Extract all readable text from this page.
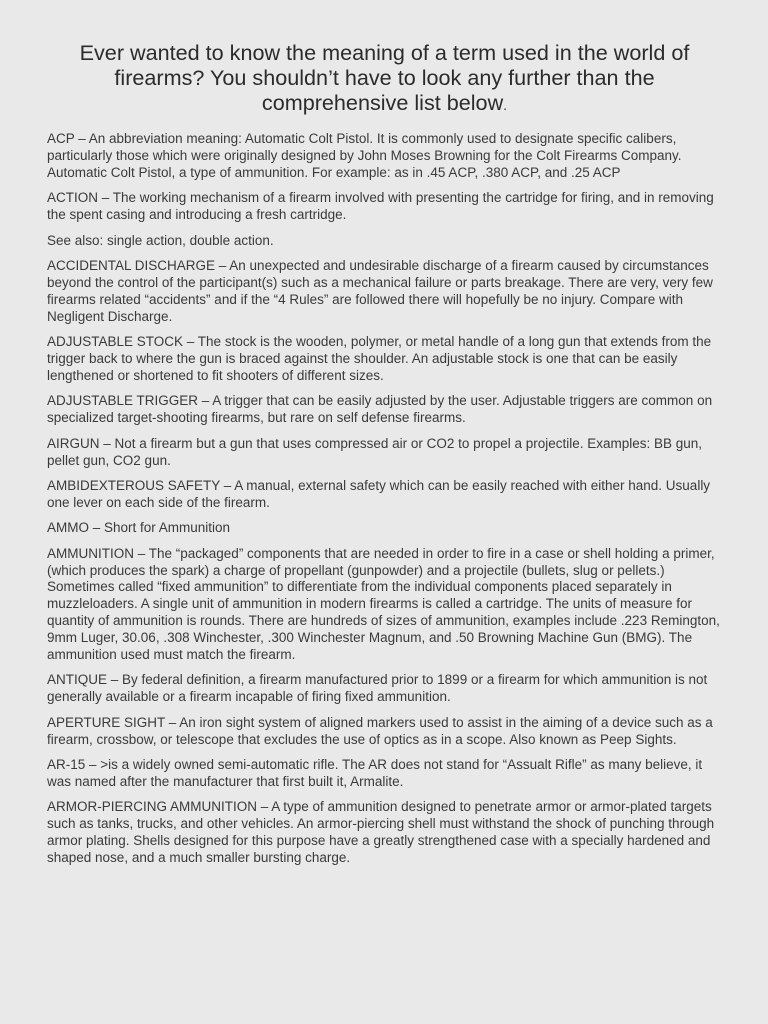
Ever wanted to know the meaning of a term used in the world of firearms? You shouldn’t have to look any further than the comprehensive list below.

ACP – An abbreviation meaning: Automatic Colt Pistol. It is commonly used to designate specific calibers, particularly those which were originally designed by John Moses Browning for the Colt Firearms Company. Automatic Colt Pistol, a type of ammunition. For example: as in .45 ACP, .380 ACP, and .25 ACP

ACTION – The working mechanism of a firearm involved with presenting the cartridge for firing, and in removing the spent casing and introducing a fresh cartridge.

See also: single action, double action.

ACCIDENTAL DISCHARGE – An unexpected and undesirable discharge of a firearm caused by circumstances beyond the control of the participant(s) such as a mechanical failure or parts breakage. There are very, very few firearms related “accidents” and if the “4 Rules” are followed there will hopefully be no injury. Compare with Negligent Discharge.

ADJUSTABLE STOCK – The stock is the wooden, polymer, or metal handle of a long gun that extends from the trigger back to where the gun is braced against the shoulder. An adjustable stock is one that can be easily lengthened or shortened to fit shooters of different sizes.

ADJUSTABLE TRIGGER – A trigger that can be easily adjusted by the user. Adjustable triggers are common on specialized target-shooting firearms, but rare on self defense firearms.

AIRGUN – Not a firearm but a gun that uses compressed air or CO2 to propel a projectile. Examples: BB gun, pellet gun, CO2 gun.

AMBIDEXTEROUS SAFETY – A manual, external safety which can be easily reached with either hand. Usually one lever on each side of the firearm.

AMMO – Short for Ammunition

AMMUNITION – The “packaged” components that are needed in order to fire in a case or shell holding a primer, (which produces the spark) a charge of propellant (gunpowder) and a projectile (bullets, slug or pellets.) Sometimes called “fixed ammunition” to differentiate from the individual components placed separately in muzzleloaders. A single unit of ammunition in modern firearms is called a cartridge. The units of measure for quantity of ammunition is rounds. There are hundreds of sizes of ammunition, examples include .223 Remington, 9mm Luger, 30.06, .308 Winchester, .300 Winchester Magnum, and .50 Browning Machine Gun (BMG). The ammunition used must match the firearm.

ANTIQUE – By federal definition, a firearm manufactured prior to 1899 or a firearm for which ammunition is not generally available or a firearm incapable of firing fixed ammunition.

APERTURE SIGHT – An iron sight system of aligned markers used to assist in the aiming of a device such as a firearm, crossbow, or telescope that excludes the use of optics as in a scope. Also known as Peep Sights.

AR-15 – >is a widely owned semi-automatic rifle. The AR does not stand for “Assualt Rifle” as many believe, it was named after the manufacturer that first built it, Armalite.

ARMOR-PIERCING AMMUNITION – A type of ammunition designed to penetrate armor or armor-plated targets such as tanks, trucks, and other vehicles. An armor-piercing shell must withstand the shock of punching through armor plating. Shells designed for this purpose have a greatly strengthened case with a specially hardened and shaped nose, and a much smaller bursting charge.
